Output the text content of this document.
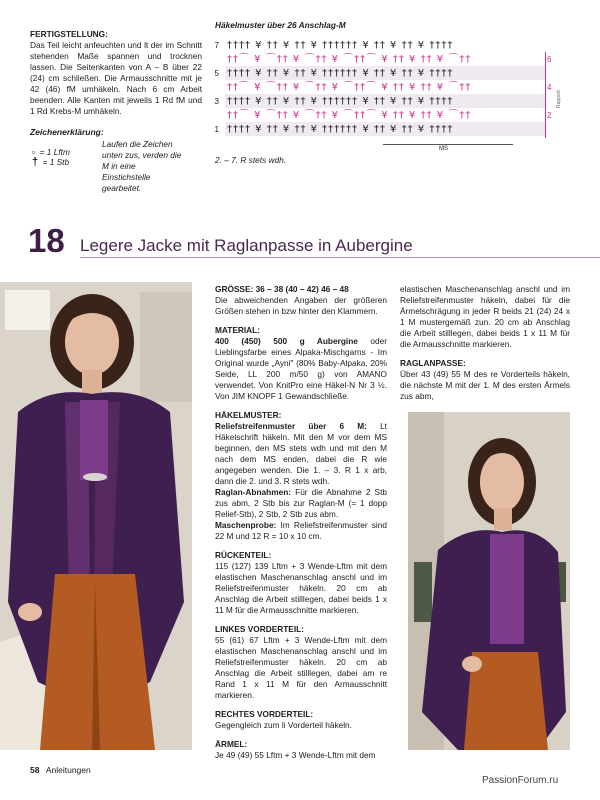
FERTIGSTELLUNG:

Das Teil leicht anfeuchten und lt der im Schnitt stehenden Maße spannen und trocknen lassen. Die Seitenkanten von A – B über 22 (24) cm schließen. Die Armausschnitte mit je 42 (46) fM umhäkeln. Nach 6 cm Arbeit beenden. Alle Kanten mit jeweils 1 Rd fM und 1 Rd Krebs-M umhäkeln.

Zeichenerklärung:

▫ = 1 Lftm
† = 1 Stb

Laufen die Zeichen unten zus, verden die M in eine Einstichstelle gearbeitet.

Häkelmuster über 26 Anschlag-M
7
5
3
1
†††† ¥ †† ¥ †† ¥ †††††† ¥ †† ¥ †† ¥ ††††
††⌒ ¥ ⌒†† ¥ ⌒†† ¥ ⌒††⌒ ¥ †† ¥ †† ¥ ⌒††
†††† ¥ †† ¥ †† ¥ †††††† ¥ †† ¥ †† ¥ ††††
††⌒ ¥ ⌒†† ¥ ⌒†† ¥ ⌒††⌒ ¥ †† ¥ †† ¥ ⌒††
†††† ¥ †† ¥ †† ¥ †††††† ¥ †† ¥ †† ¥ ††††
††⌒ ¥ ⌒†† ¥ ⌒†† ¥ ⌒††⌒ ¥ †† ¥ †† ¥ ⌒††
†††† ¥ †† ¥ †† ¥ †††††† ¥ †† ¥ †† ¥ ††††
6
4
2
Rapport
MS
2. – 7. R stets wdh.
18 Legere Jacke mit Raglanpasse in Aubergine

GRÖSSE: 36 – 38 (40 – 42) 46 – 48

Die abweichenden Angaben der größeren Größen stehen in bzw hinter den Klammern.

MATERIAL:

400 (450) 500 g Aubergine oder Lieblingsfarbe eines Alpaka-Mischgarns - Im Original wurde „Ayni" (80% Baby-Alpaka, 20% Seide, LL 200 m/50 g) von AMANO verwendet. Von KnitPro eine Häkel-N Nr 3 ½. Von JIM KNOPF 1 Gewandschließe.

HÄKELMUSTER:

Reliefstreifenmuster über 6 M: Lt Häkelschrift häkeln. Mit den M vor dem MS beginnen, den MS stets wdh und mit den M nach dem MS enden, dabei die R wie angegeben wenden. Die 1. – 3. R 1 x arb, dann die 2. und 3. R stets wdh.

Raglan-Abnahmen: Für die Abnahme 2 Stb zus abm, 2 Stb bis zur Raglan-M (= 1 dopp Relief-Stb), 2 Stb, 2 Stb zus abm.

Maschenprobe: Im Reliefstreifenmuster sind 22 M und 12 R = 10 x 10 cm.

RÜCKENTEIL:

115 (127) 139 Lftm + 3 Wende-Lftm mit dem elastischen Maschenanschlag anschl und im Reliefstreifenmuster häkeln. 20 cm ab Anschlag die Arbeit stilllegen, dabei beids 1 x 11 M für die Armausschnitte markieren.

LINKES VORDERTEIL:

55 (61) 67 Lftm + 3 Wende-Lftm mit dem elastischen Maschenanschlag anschl und im Reliefstreifenmuster häkeln. 20 cm ab Anschlag die Arbeit stilllegen, dabei am re Rand 1 x 11 M für den Armausschnitt markieren.

RECHTES VORDERTEIL:

Gegengleich zum li Vorderteil häkeln.

ÄRMEL:

Je 49 (49) 55 Lftm + 3 Wende-Lftm mit dem

elastischen Maschenanschlag anschl und im Reliefstreifenmuster häkeln, dabei für die Ärmelschrägung in jeder R beids 21 (24) 24 x 1 M mustergemäß zun. 20 cm ab Anschlag die Arbeit stilllegen, dabei beids 1 x 11 M für die Armausschnitte markieren.

RAGLANPASSE:

Über 43 (49) 55 M des re Vorderteils häkeln, die nächste M mit der 1. M des ersten Ärmels zus abm,

58 Anleitungen
PassionForum.ru
